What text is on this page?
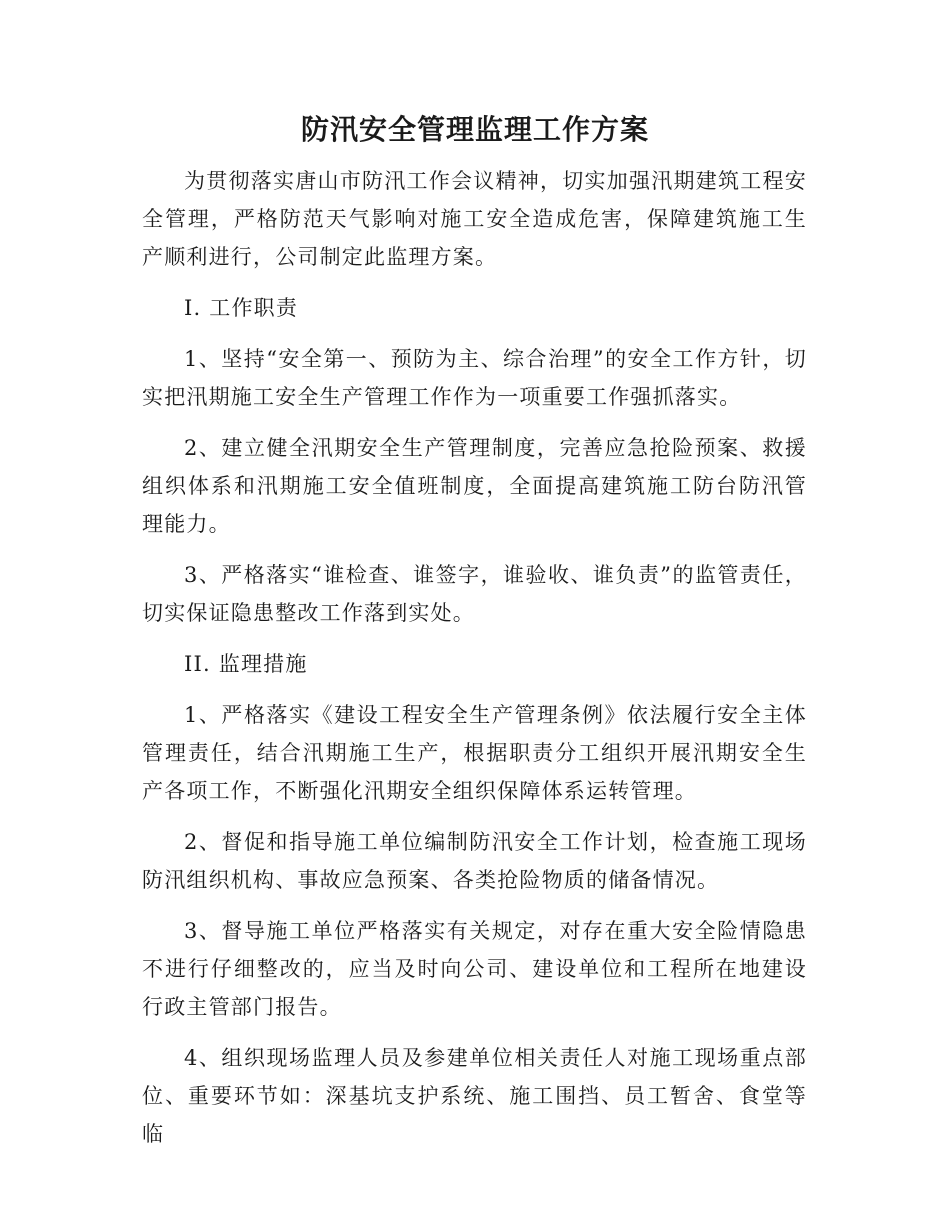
防汛安全管理监理工作方案

为贯彻落实唐山市防汛工作会议精神，切实加强汛期建筑工程安全管理，严格防范天气影响对施工安全造成危害，保障建筑施工生产顺利进行，公司制定此监理方案。

I. 工作职责

1、坚持“安全第一、预防为主、综合治理”的安全工作方针，切实把汛期施工安全生产管理工作作为一项重要工作强抓落实。

2、建立健全汛期安全生产管理制度，完善应急抢险预案、救援组织体系和汛期施工安全值班制度，全面提高建筑施工防台防汛管理能力。

3、严格落实“谁检查、谁签字，谁验收、谁负责”的监管责任，切实保证隐患整改工作落到实处。

II. 监理措施

1、严格落实《建设工程安全生产管理条例》依法履行安全主体管理责任，结合汛期施工生产，根据职责分工组织开展汛期安全生产各项工作，不断强化汛期安全组织保障体系运转管理。

2、督促和指导施工单位编制防汛安全工作计划，检查施工现场防汛组织机构、事故应急预案、各类抢险物质的储备情况。

3、督导施工单位严格落实有关规定，对存在重大安全险情隐患不进行仔细整改的，应当及时向公司、建设单位和工程所在地建设行政主管部门报告。

4、组织现场监理人员及参建单位相关责任人对施工现场重点部位、重要环节如：深基坑支护系统、施工围挡、员工暂舍、食堂等临
